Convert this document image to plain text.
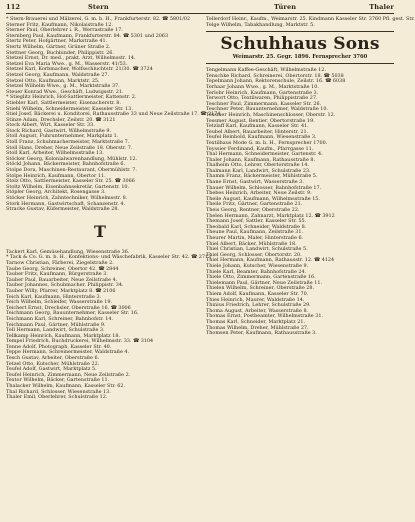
112	Stern	Türen	Thaler
* Stern-Brauerei und Mälzerei, G. m. b. H., Frankfurterstr. 82. ☎ 5801/02
Sterner Fritz, Kaufmann, Nikolaistraße 12.
Sterner Paul, Oberlehrer i. R., Werrastraße 17.
Sternberg Paul, Kaufmann, Frankfurterstr. 84. ☎ 5301 und 2063
Stertz Peter, Hofgärtner, Markstraße 41.
Stertz Wilhelm, Gärtner, Grüner Straße 2.
Stettner Georg, Buchbinder, Philippistr. 26.
Stetzel Ernst, Dr. med., prakt. Arzt, Wilhelmsstr. 14.
Stetzel Eva Maria Wwe., g. M., Wasserstr. 41/53.
Stetzel Karl, Korbmacher, Wolfsschluchtstr. 21/30. ☎ 3724
Stetzel Georg, Kaufmann, Waldstraße 27.
Stetzel Otto, Kaufmann, Marktstr. 25.
Stetzel Wilhelm Wwe., g. M., Marktstraße 37.
Steuer Konrad Wwe., Geschäft, Ludwigsstr. 21.
* Stieglitz Heinrich, Hof-Sattlermeister, Kattenstr. 2.
Stiebler Karl, Sattlermeister, Eisenacherstr. 8.
Stiehl Wilhelm, Schneidermeister, Kasseler Str. 13.
Stiel Josef, Bäckerei u. Konditorei, Rathausstraße 33 und Neue Zeilstraße 17. ☎ 2174
Stinze Adam, Drechsler, Zeilstr. 20. ☎ 3121
Stock Albert, Wirt, Kasseler Str. 33.
Stock Richard, Gastwirt, Wilhelmstraße 9.
Stoll August, Fuhrunternehmer, Markplatz 1.
Stoll Franz, Schuhmachermeister, Marktstraße 7.
Stoll Hans, Dreher, Neue Zeilstraße 18. Oberstr. 7.
Stoll Karl, Arbeiter, Wilhelmsstraße 13.
Stöcker Georg, Kolonialwarenhandlung, Mühlstr. 12.
Stöckl Johann, Bäckermeister, Bahnhofstraße 6.
Stolpe Dora, Maschinen-Restaurant, Obermühlstr. 7.
Stolpe Heinrich, Kaufmann, Obertor 11.
Stolz Otto, Sattlermeister, Kasseler Str. 25. ☎ 3066
Stoltz Wilhelm, Eisenbahnsekretär, Gartenstr. 10.
Stöpler Georg, Architekt, Rosengasse 3.
Stöcker Heinrich, Zahntechniker, Wilhelmsstr. 8.
Stork Hermann, Gastwirtschaft, Schanzenstr. 4.
Stracke Gustav, Küfermeister, Waldstraße 28.
T
Tackert Karl, Gemüsehandlung, Wiesenstraße 36.
* Tack & Co. G. m. b. H., Konfektions- und Wäschefabrik, Kasseler Str. 42. ☎ 2713
Tarnow Christian, Färberei, Ziegelstraße 2.
Taube Georg, Schreiner, Obertor 42. ☎ 2844
Tauber Fritz, Kaufmann, Bürgerstraße 3.
Tauber Paul, Bauarbeiter, Neue Zeilstraße 4.
Tauber Johannes, Schuhmacher, Philippistr. 34.
Tauber Willy, Pfarrer, Marktplatz 8. ☎ 2106
Teich Karl, Kaufmann, Hinterstraße 3.
Teich Wilhelm, Schleifer, Wasserstraße 19.
Teichert Ernst, Drechsler, Oberstraße 16. ☎ 3006
Teichmann Georg, Bauunternehmer, Kasseler Str. 16.
Teichmann Karl, Schreiner, Bahnhofstr. 14.
Teichmann Paul, Gärtner, Mühlstraße 9.
Tell Hermann, Landwirt, Schulstraße 3.
Tellkamp Heinrich, Kaufmann, Marktplatz 18.
Tempel Friedrich, Buchdruckerei, Wilhelmsstr. 33. ☎ 3104
Tenne Adolf, Photograph, Kasseler Str. 40.
Teppe Hermann, Schreinermeister, Waldstraße 4.
Tesch Gustav, Arbeiter, Oberstraße 6.
Tetzel Otto, Kutscher, Mühlstraße 22.
Teufel Adolf, Gastwirt, Marktplatz 5.
Teufel Heinrich, Zimmermann, Neue Zeilstraße 2.
Textor Wilhelm, Bäcker, Gartenstraße 11.
Thalacker Wilhelm, Kaufmann, Kasseler Str. 62.
Thal Richard, Schlosser, Wiesenstraße 13.
Thaler Emil, Oberlehrer, Schulstraße 12.
Tellerdorf Heinr., Kaufm., Weimarstr. 25. Kindmann Kasseler Str. 3760 Pfl. gest. Str.
Telge Wilhelm, Tabakhandlung, Marktstr. 5.
Schuhhaus Sons
Weimarstr. 25. Gegr. 1896. Fernsprecher 3760
Tengelmann Kaffee-Geschäft, Wilhelmstraße 12.
Tenschke Richard, Schreinerei, Obertorstr. 18. ☎ 5038
Tepelmann Johann, Rektorenschule, Zeilstr. 16. ☎ 6038
Terhaar Johann Wwe., g. M., Marktstraße 10.
Terlohr Heinrich, Kaufmann, Gartenstraße 3.
Terwort Otto, Textilwaren, Philippistraße 27.
Teschner Paul, Zimmermann, Kasseler Str. 26.
Teschner Peter, Bauunternehmer, Waldstraße 10.
Tessmer Heinrich, Maschinenschlosser, Oberstr. 12.
Tessmer August, Rentier, Obertorstraße 19.
Tetzlaff Karl, Kaufmann, Kasseler Str. 41.
Teubel Albert, Bauarbeiter, Hinterstr. 21.
Teufel Reinhold, Kaufmann, Wiesenstraße 3.
Textilhaus Mode G. m. b. H., Fernsprecher 1700.
Teyssier Ferdinand, Kaufm., Pfarrgasse 11.
Thal Hermann, Schneidermeister, Gartenstr. 4.
Thaler Johann, Kaufmann, Rathausstraße 8.
Thalheim Otto, Lehrer, Obertorstraße 14.
Thalmann Karl, Landwirt, Schulstraße 23.
Thamm Franz, Bäckermeister, Mühlstraße 5.
Thane Ernst, Gastwirt, Wasserstraße 3.
Thauer Wilhelm, Schlosser, Bahnhofstraße 17.
Thebes Heinrich, Arbeiter, Neue Zeilstr. 9.
Theile August, Kaufmann, Wilhelmsstraße 15.
Theile Fritz, Gärtner, Gartenstraße 21.
Theis Georg, Rentner, Oberstraße 22.
Thelen Hermann, Zahnarzt, Marktplatz 12. ☎ 3912
Themann Josef, Sattler, Kasseler Str. 55.
Theobald Karl, Schneider, Waldstraße 8.
Theune Paul, Kaufmann, Zeilstraße 31.
Theurer Martin, Maler, Hinterstraße 6.
Thiel Albert, Bäcker, Mühlstraße 18.
Thiel Christian, Landwirt, Schulstraße 5.
Thiel Georg, Schlosser, Obertorstr. 20.
Thiel Hermann, Kaufmann, Rathausstr. 12. ☎ 4124
Thiele Johann, Kutscher, Wiesenstraße 9.
Thiele Karl, Beamter, Bahnhofstraße 24.
Thiele Otto, Zimmermann, Gartenstraße 16.
Thielemann Paul, Gärtner, Neue Zeilstraße 11.
Thielen Wilhelm, Schreiner, Oberstraße 28.
Thiem Adolf, Kaufmann, Kasseler Str. 70.
Thies Heinrich, Maurer, Waldstraße 14.
Thinius Friedrich, Lehrer, Schulstraße 29.
Thoma August, Arbeiter, Wasserstraße 8.
Thomas Ernst, Postbeamter, Wilhelmstraße 31.
Thomas Karl, Schneider, Marktplatz 21.
Thomas Wilhelm, Dreher, Mühlstraße 27.
Thomsen Peter, Kaufmann, Rathausstraße 3.
